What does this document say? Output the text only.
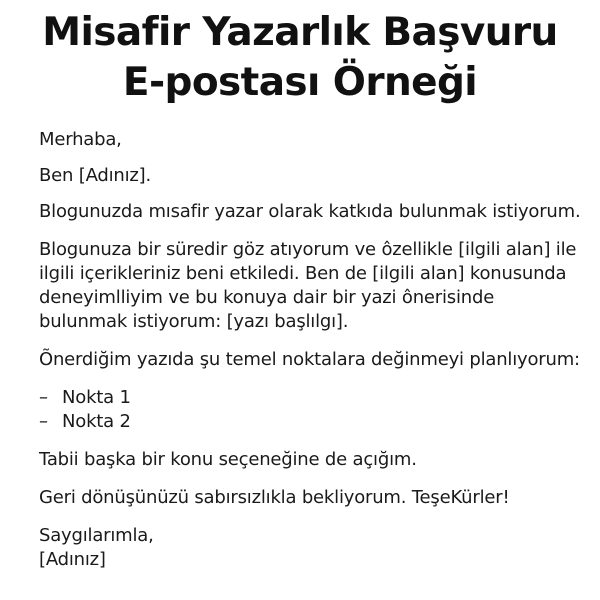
Misafir Yazarlık Başvuru
E-postası Örneği

Merhaba,

Ben [Adınız].

Blogunuzda mısafir yazar olarak katkıda bulunmak istiyorum.

Blogunuza bir süredir göz atıyorum ve ôzellikle [ilgili alan] ile

ilgili içerikleriniz beni etkiledi. Ben de [ilgili alan] konusunda

deneyimlliyim ve bu konuya dair bir yazi ônerisinde

bulunmak istiyorum: [yazı başlılgı].

Õnerdiğim yazıda şu temel noktalara değinmeyi planlıyorum:

– Nokta 1
– Nokta 2

Tabii başka bir konu seçeneğine de açığım.

Geri dönüşünüzü sabırsızlıkla bekliyorum. TeşeKürler!

Saygılarımla,

[Adınız]
